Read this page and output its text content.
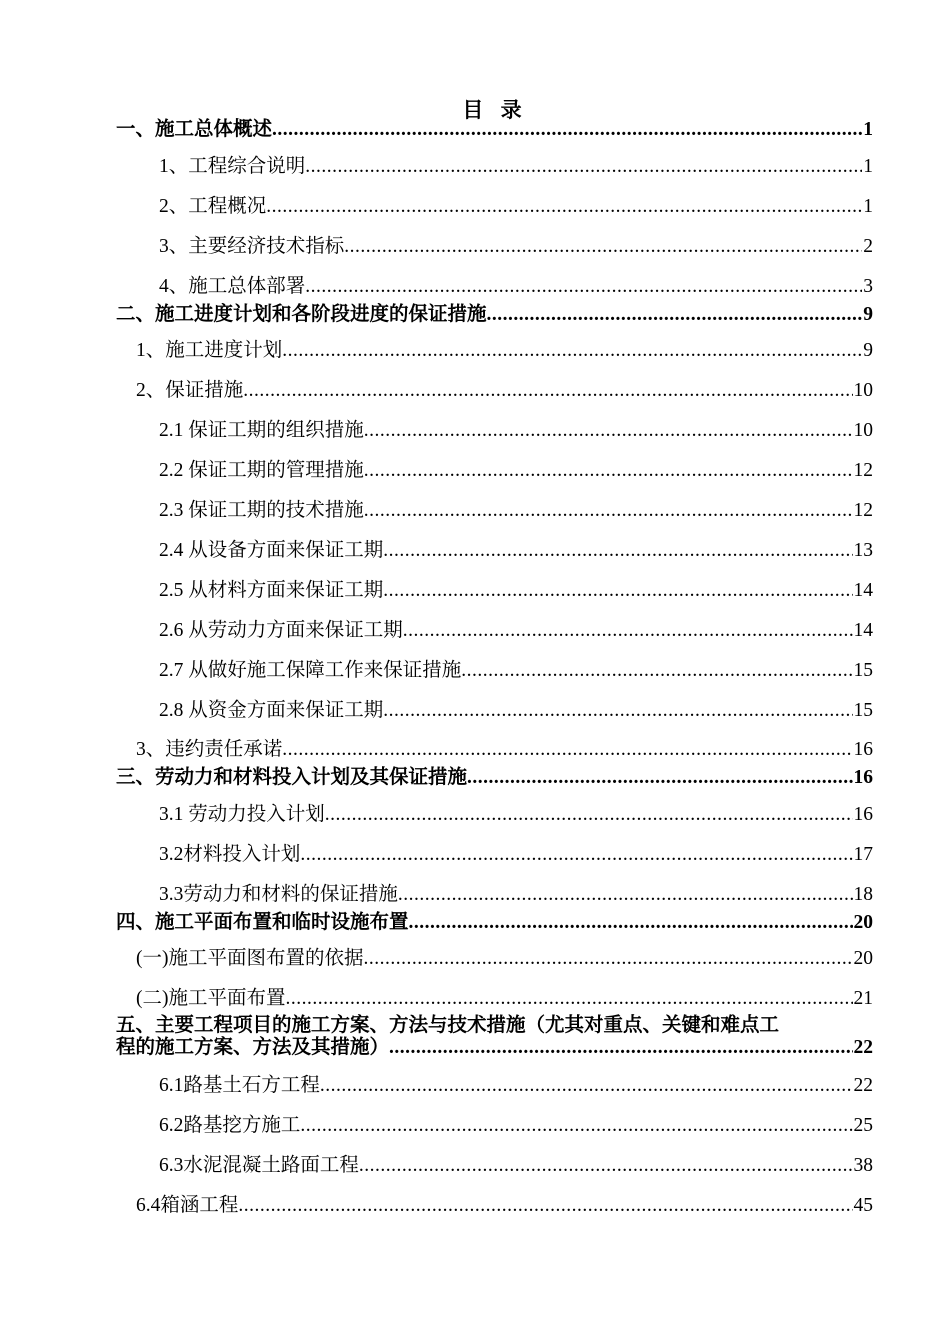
目 录
一、施工总体概述 .....	1
1、工程综合说明 .....	1
2、工程概况 .....	1
3、主要经济技术指标 .....	2
4、施工总体部署 .....	3
二、施工进度计划和各阶段进度的保证措施 .....	9
1、施工进度计划 .....	9
2、保证措施 .....	10
2.1 保证工期的组织措施 .....	10
2.2 保证工期的管理措施 .....	12
2.3 保证工期的技术措施 .....	12
2.4 从设备方面来保证工期 .....	13
2.5 从材料方面来保证工期 .....	14
2.6 从劳动力方面来保证工期 .....	14
2.7 从做好施工保障工作来保证措施 .....	15
2.8 从资金方面来保证工期 .....	15
3、违约责任承诺 .....	16
三、劳动力和材料投入计划及其保证措施 .....	16
3.1 劳动力投入计划 .....	16
3.2材料投入计划 .....	17
3.3劳动力和材料的保证措施 .....	18
四、施工平面布置和临时设施布置 .....	20
(一)施工平面图布置的依据 .....	20
(二)施工平面布置 .....	21
五、主要工程项目的施工方案、方法与技术措施（尤其对重点、关键和难点工
程的施工方案、方法及其措施） .....	22
6.1路基土石方工程 .....	22
6.2路基挖方施工 .....	25
6.3水泥混凝土路面工程 .....	38
6.4箱涵工程 .....	45
